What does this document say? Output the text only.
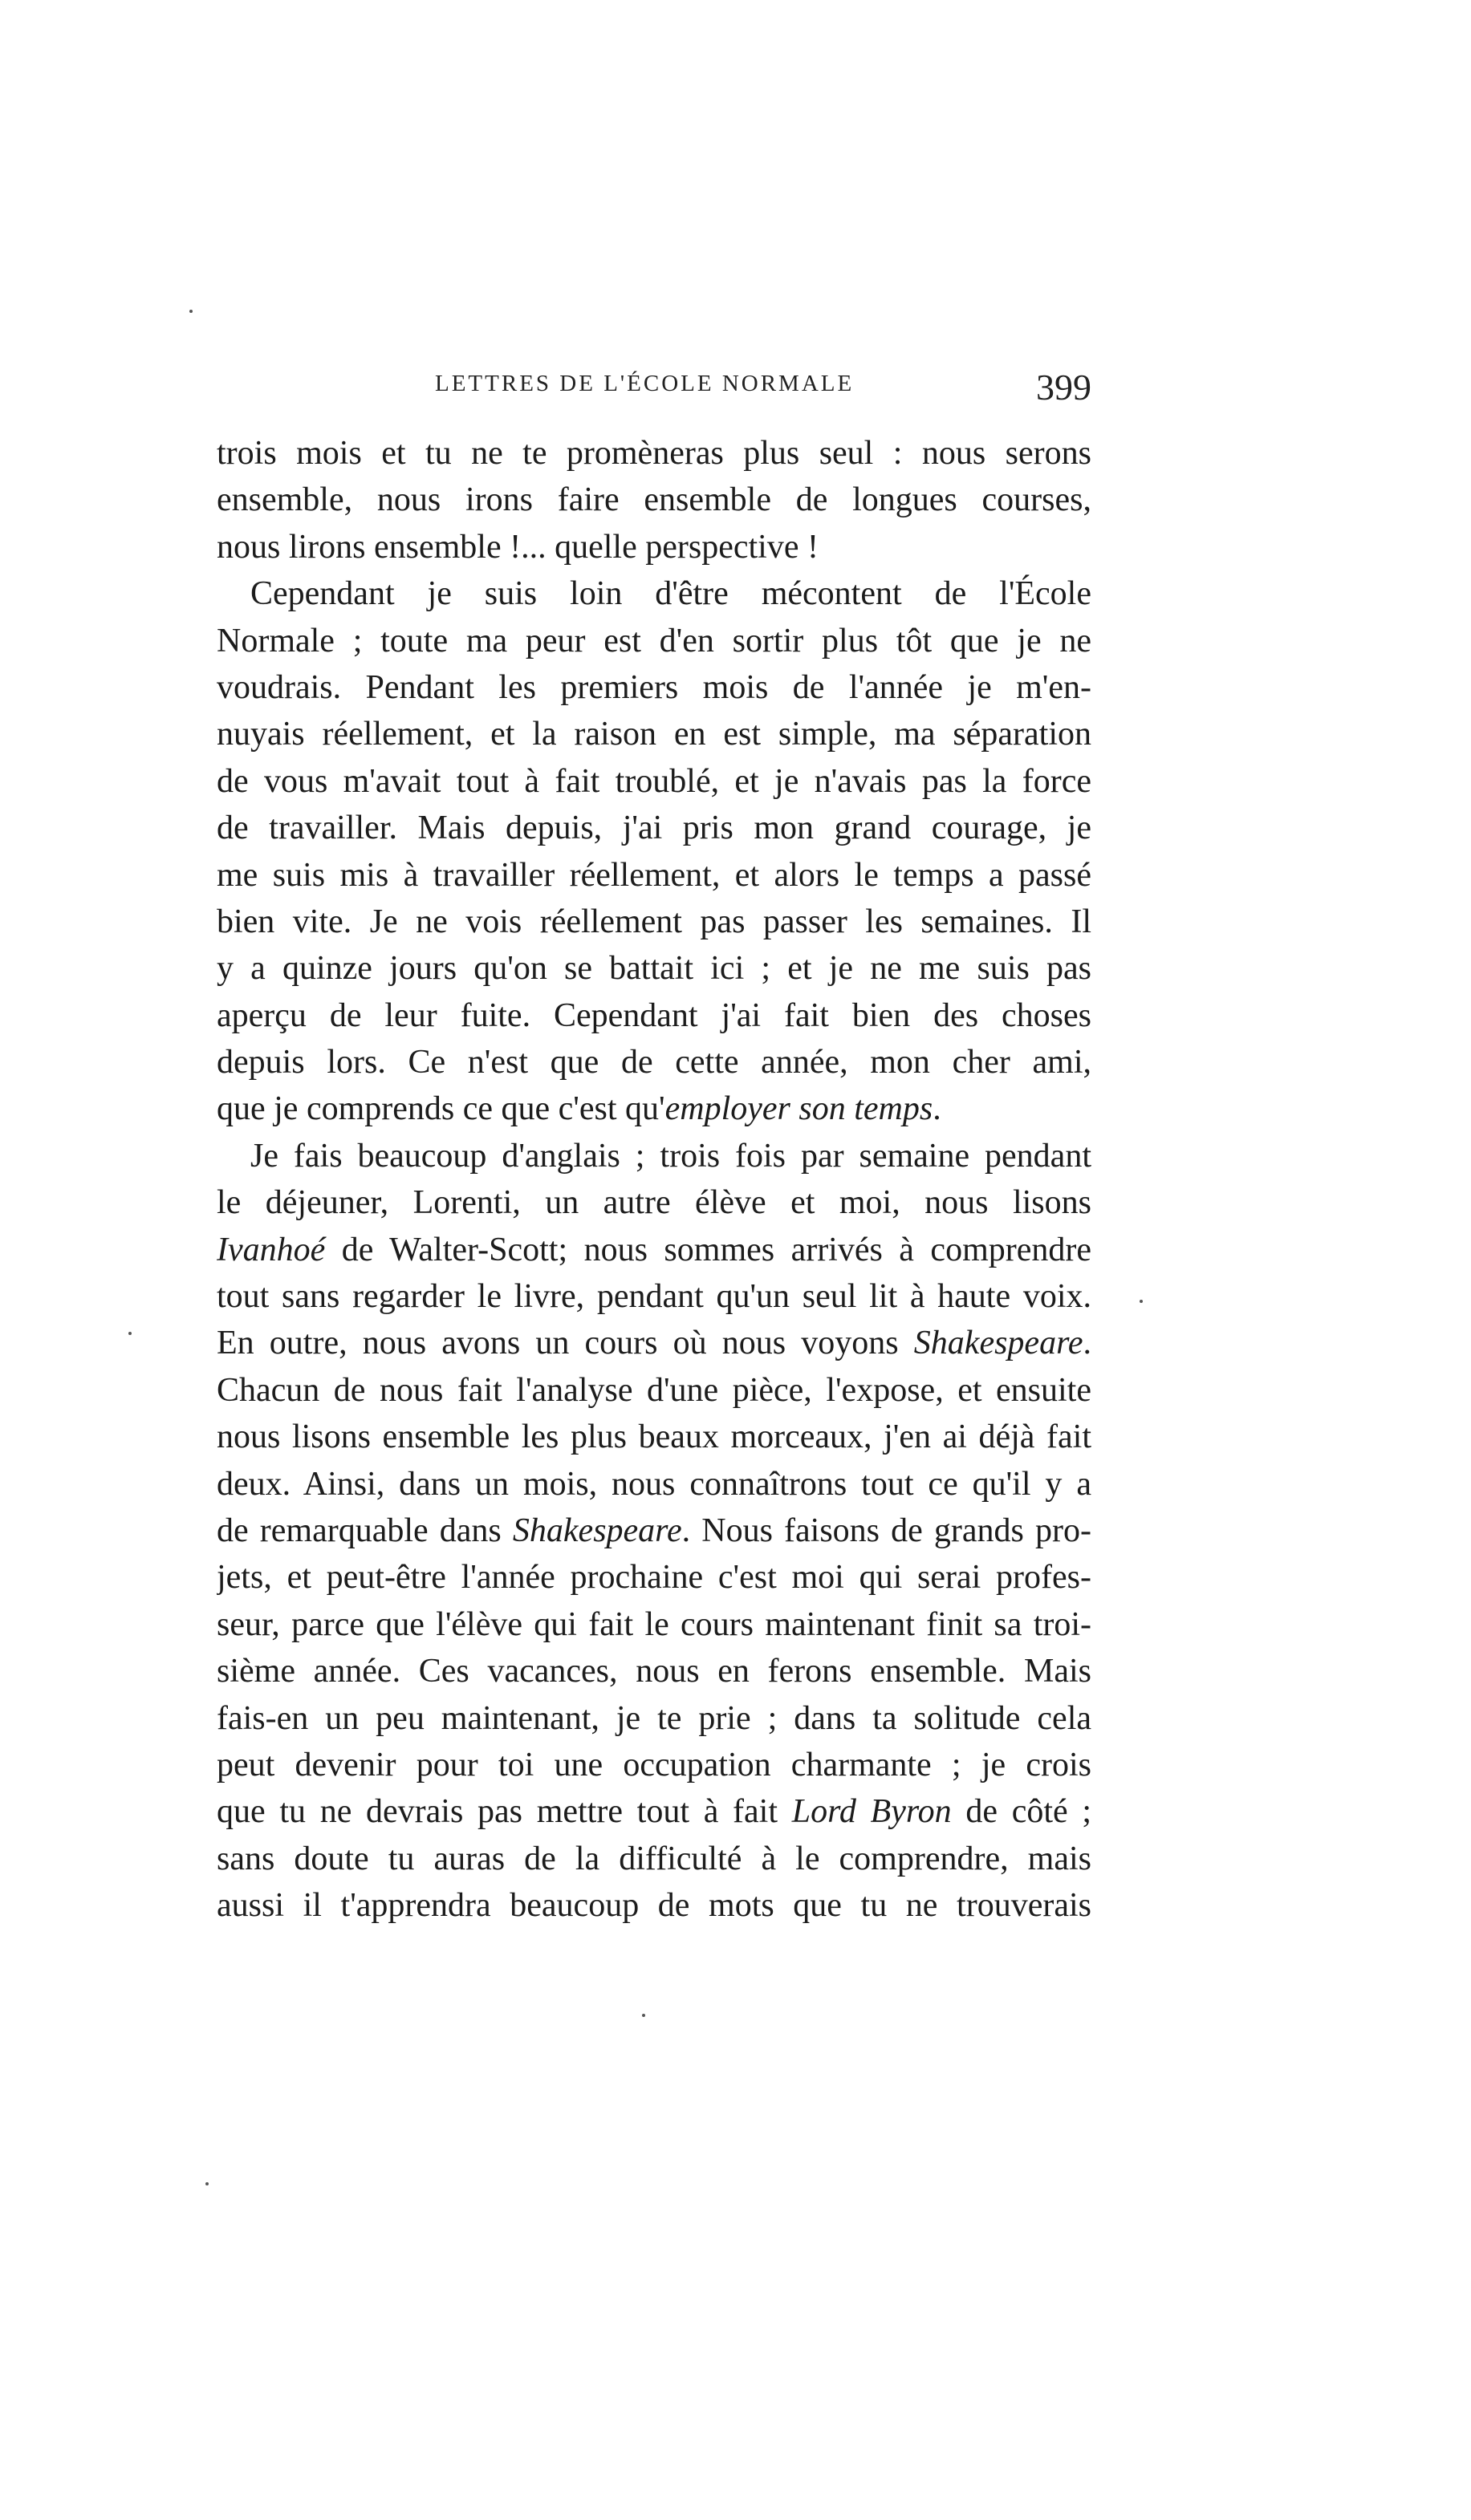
LETTRES DE L'ÉCOLE NORMALE	399
trois mois et tu ne te promèneras plus seul : nous serons
ensemble, nous irons faire ensemble de longues courses,
nous lirons ensemble !... quelle perspective !
Cependant je suis loin d'être mécontent de l'École
Normale ; toute ma peur est d'en sortir plus tôt que je ne
voudrais. Pendant les premiers mois de l'année je m'en-
nuyais réellement, et la raison en est simple, ma séparation
de vous m'avait tout à fait troublé, et je n'avais pas la force
de travailler. Mais depuis, j'ai pris mon grand courage, je
me suis mis à travailler réellement, et alors le temps a passé
bien vite. Je ne vois réellement pas passer les semaines. Il
y a quinze jours qu'on se battait ici ; et je ne me suis pas
aperçu de leur fuite. Cependant j'ai fait bien des choses
depuis lors. Ce n'est que de cette année, mon cher ami,
que je comprends ce que c'est qu'employer son temps.
Je fais beaucoup d'anglais ; trois fois par semaine pendant
le déjeuner, Lorenti, un autre élève et moi, nous lisons
Ivanhoé de Walter-Scott; nous sommes arrivés à comprendre
tout sans regarder le livre, pendant qu'un seul lit à haute voix.
En outre, nous avons un cours où nous voyons Shakespeare.
Chacun de nous fait l'analyse d'une pièce, l'expose, et ensuite
nous lisons ensemble les plus beaux morceaux, j'en ai déjà fait
deux. Ainsi, dans un mois, nous connaîtrons tout ce qu'il y a
de remarquable dans Shakespeare. Nous faisons de grands pro-
jets, et peut-être l'année prochaine c'est moi qui serai profes-
seur, parce que l'élève qui fait le cours maintenant finit sa troi-
sième année. Ces vacances, nous en ferons ensemble. Mais
fais-en un peu maintenant, je te prie ; dans ta solitude cela
peut devenir pour toi une occupation charmante ; je crois
que tu ne devrais pas mettre tout à fait Lord Byron de côté ;
sans doute tu auras de la difficulté à le comprendre, mais
aussi il t'apprendra beaucoup de mots que tu ne trouverais
